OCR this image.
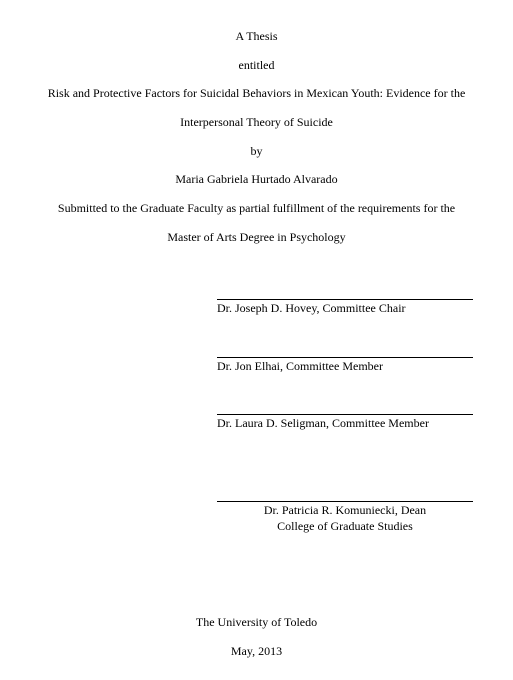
A Thesis
entitled
Risk and Protective Factors for Suicidal Behaviors in Mexican Youth: Evidence for the
Interpersonal Theory of Suicide
by
Maria Gabriela Hurtado Alvarado
Submitted to the Graduate Faculty as partial fulfillment of the requirements for the
Master of Arts Degree in Psychology
Dr. Joseph D. Hovey, Committee Chair
Dr. Jon Elhai, Committee Member
Dr. Laura D. Seligman, Committee Member
Dr. Patricia R. Komuniecki, Dean
College of Graduate Studies
The University of Toledo
May, 2013
